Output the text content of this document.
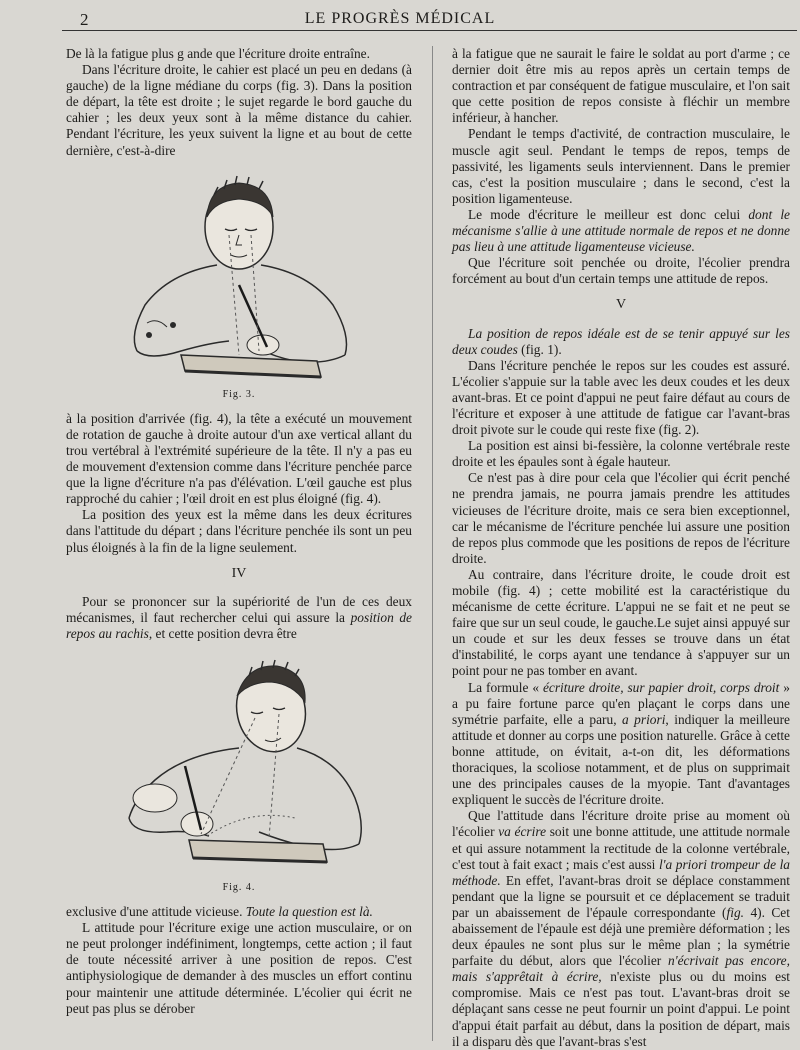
2	LE PROGRÈS MÉDICAL

De là la fatigue plus g ande que l'écriture droite entraîne.

Dans l'écriture droite, le cahier est placé un peu en dedans (à gauche) de la ligne médiane du corps (fig. 3). Dans la position de départ, la tête est droite ; le sujet regarde le bord gauche du cahier ; les deux yeux sont à la même distance du cahier. Pendant l'écriture, les yeux suivent la ligne et au bout de cette dernière, c'est-à-dire

Fig. 3.

à la position d'arrivée (fig. 4), la tête a exécuté un mouvement de rotation de gauche à droite autour d'un axe vertical allant du trou vertébral à l'extrémité supérieure de la tête. Il n'y a pas eu de mouvement d'extension comme dans l'écriture penchée parce que la ligne d'écriture n'a pas d'élévation. L'œil gauche est plus rapproché du cahier ; l'œil droit en est plus éloigné (fig. 4).

La position des yeux est la même dans les deux écritures dans l'attitude du départ ; dans l'écriture penchée ils sont un peu plus éloignés à la fin de la ligne seulement.

IV

Pour se prononcer sur la supériorité de l'un de ces deux mécanismes, il faut rechercher celui qui assure la position de repos au rachis, et cette position devra être

Fig. 4.

exclusive d'une attitude vicieuse. Toute la question est là.

L attitude pour l'écriture exige une action musculaire, or on ne peut prolonger indéfiniment, longtemps, cette action ; il faut de toute nécessité arriver à une position de repos. C'est antiphysiologique de demander à des muscles un effort continu pour maintenir une attitude déterminée. L'écolier qui écrit ne peut pas plus se dérober

à la fatigue que ne saurait le faire le soldat au port d'arme ; ce dernier doit être mis au repos après un certain temps de contraction et par conséquent de fatigue musculaire, et l'on sait que cette position de repos consiste à fléchir un membre inférieur, à hancher.

Pendant le temps d'activité, de contraction musculaire, le muscle agit seul. Pendant le temps de repos, temps de passivité, les ligaments seuls interviennent. Dans le premier cas, c'est la position musculaire ; dans le second, c'est la position ligamenteuse.

Le mode d'écriture le meilleur est donc celui dont le mécanisme s'allie à une attitude normale de repos et ne donne pas lieu à une attitude ligamenteuse vicieuse.

Que l'écriture soit penchée ou droite, l'écolier prendra forcément au bout d'un certain temps une attitude de repos.

V

La position de repos idéale est de se tenir appuyé sur les deux coudes (fig. 1).

Dans l'écriture penchée le repos sur les coudes est assuré. L'écolier s'appuie sur la table avec les deux coudes et les deux avant-bras. Et ce point d'appui ne peut faire défaut au cours de l'écriture et exposer à une attitude de fatigue car l'avant-bras droit pivote sur le coude qui reste fixe (fig. 2).

La position est ainsi bi-fessière, la colonne vertébrale reste droite et les épaules sont à égale hauteur.

Ce n'est pas à dire pour cela que l'écolier qui écrit penché ne prendra jamais, ne pourra jamais prendre les attitudes vicieuses de l'écriture droite, mais ce sera bien exceptionnel, car le mécanisme de l'écriture penchée lui assure une position de repos plus commode que les positions de repos de l'écriture droite.

Au contraire, dans l'écriture droite, le coude droit est mobile (fig. 4) ; cette mobilité est la caractéristique du mécanisme de cette écriture. L'appui ne se fait et ne peut se faire que sur un seul coude, le gauche.Le sujet ainsi appuyé sur un coude et sur les deux fesses se trouve dans un état d'instabilité, le corps ayant une tendance à s'appuyer sur un point pour ne pas tomber en avant.

La formule « écriture droite, sur papier droit, corps droit » a pu faire fortune parce qu'en plaçant le corps dans une symétrie parfaite, elle a paru, a priori, indiquer la meilleure attitude et donner au corps une position naturelle. Grâce à cette bonne attitude, on évitait, a-t-on dit, les déformations thoraciques, la scoliose notamment, et de plus on supprimait une des principales causes de la myopie. Tant d'avantages expliquent le succès de l'écriture droite.

Que l'attitude dans l'écriture droite prise au moment où l'écolier va écrire soit une bonne attitude, une attitude normale et qui assure notamment la rectitude de la colonne vertébrale, c'est tout à fait exact ; mais c'est aussi l'a priori trompeur de la méthode. En effet, l'avant-bras droit se déplace constamment pendant que la ligne se poursuit et ce déplacement se traduit par un abaissement de l'épaule correspondante (fig. 4). Cet abaissement de l'épaule est déjà une première déformation ; les deux épaules ne sont plus sur le même plan ; la symétrie parfaite du début, alors que l'écolier n'écrivait pas encore, mais s'apprêtait à écrire, n'existe plus ou du moins est compromise. Mais ce n'est pas tout. L'avant-bras droit se déplaçant sans cesse ne peut fournir un point d'appui. Le point d'appui était parfait au début, dans la position de départ, mais il a disparu dès que l'avant-bras s'est
